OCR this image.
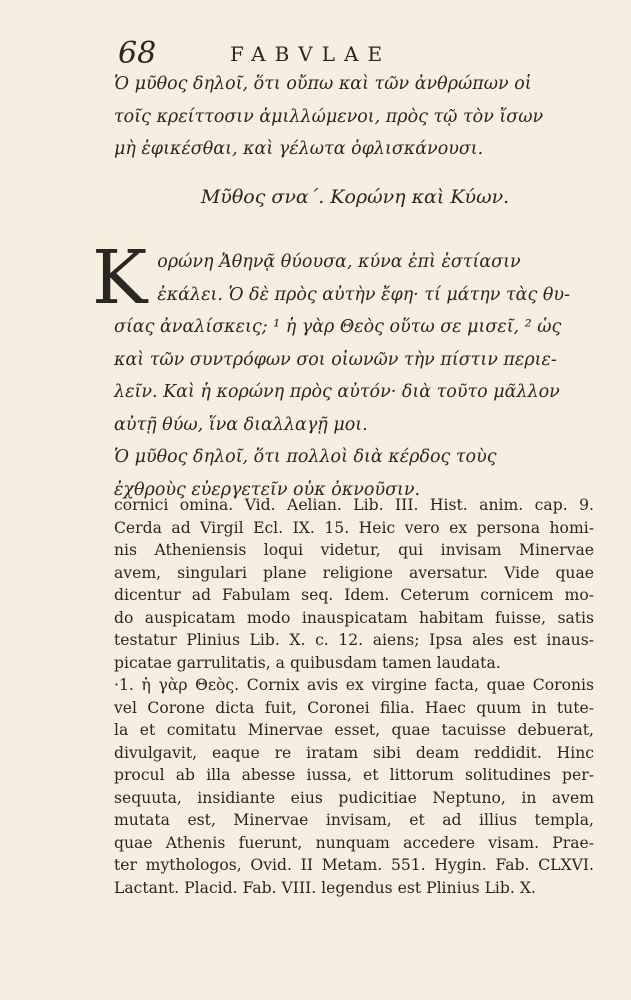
68	FABVLAE

Ὁ μῦθος δηλοῖ, ὅτι οὔπω καὶ τῶν ἀνθρώπων οἱ

τοῖς κρείττοσιν ἁμιλλώμενοι, πρὸς τῷ τὸν ἴσων

μὴ ἐφικέσθαι, καὶ γέλωτα ὀφλισκάνουσι.

Μῦθος σνα´. Κορώνη καὶ Κύων.
Κ ορώνη Ἀθηνᾷ θύουσα, κύνα ἐπὶ ἑστίασιν

ἐκάλει. Ὁ δὲ πρὸς αὐτὴν ἔφη· τί μάτην τὰς θυ-

σίας ἀναλίσκεις; ¹ ἡ γὰρ Θεὸς οὕτω σε μισεῖ, ² ὡς

καὶ τῶν συντρόφων σοι οἰωνῶν τὴν πίστιν περιε-

λεῖν. Καὶ ἡ κορώνη πρὸς αὐτόν· διὰ τοῦτο μᾶλλον

αὐτῇ θύω, ἵνα διαλλαγῇ μοι.

Ὁ μῦθος δηλοῖ, ὅτι πολλοὶ διὰ κέρδος τοὺς

ἐχθροὺς εὐεργετεῖν οὐκ ὀκνοῦσιν.

cornici omina. Vid. Aelian. Lib. III. Hist. anim. cap. 9.
Cerda ad Virgil Ecl. IX. 15. Heic vero ex persona homi-
nis Atheniensis loqui videtur, qui invisam Minervae
avem, singulari plane religione aversatur. Vide quae
dicentur ad Fabulam seq. Idem. Ceterum cornicem mo-
do auspicatam modo inauspicatam habitam fuisse, satis
testatur Plinius Lib. X. c. 12. aiens; Ipsa ales est inaus-
picatae garrulitatis, a quibusdam tamen laudata.
·1. ἡ γὰρ Θεὸς. Cornix avis ex virgine facta, quae Coronis
vel Corone dicta fuit, Coronei filia. Haec quum in tute-
la et comitatu Minervae esset, quae tacuisse debuerat,
divulgavit, eaque re iratam sibi deam reddidit. Hinc
procul ab illa abesse iussa, et littorum solitudines per-
sequuta, insidiante eius pudicitiae Neptuno, in avem
mutata est, Minervae invisam, et ad illius templa,
quae Athenis fuerunt, nunquam accedere visam. Prae-
ter mythologos, Ovid. II Metam. 551. Hygin. Fab. CLXVI.
Lactant. Placid. Fab. VIII. legendus est Plinius Lib. X.
